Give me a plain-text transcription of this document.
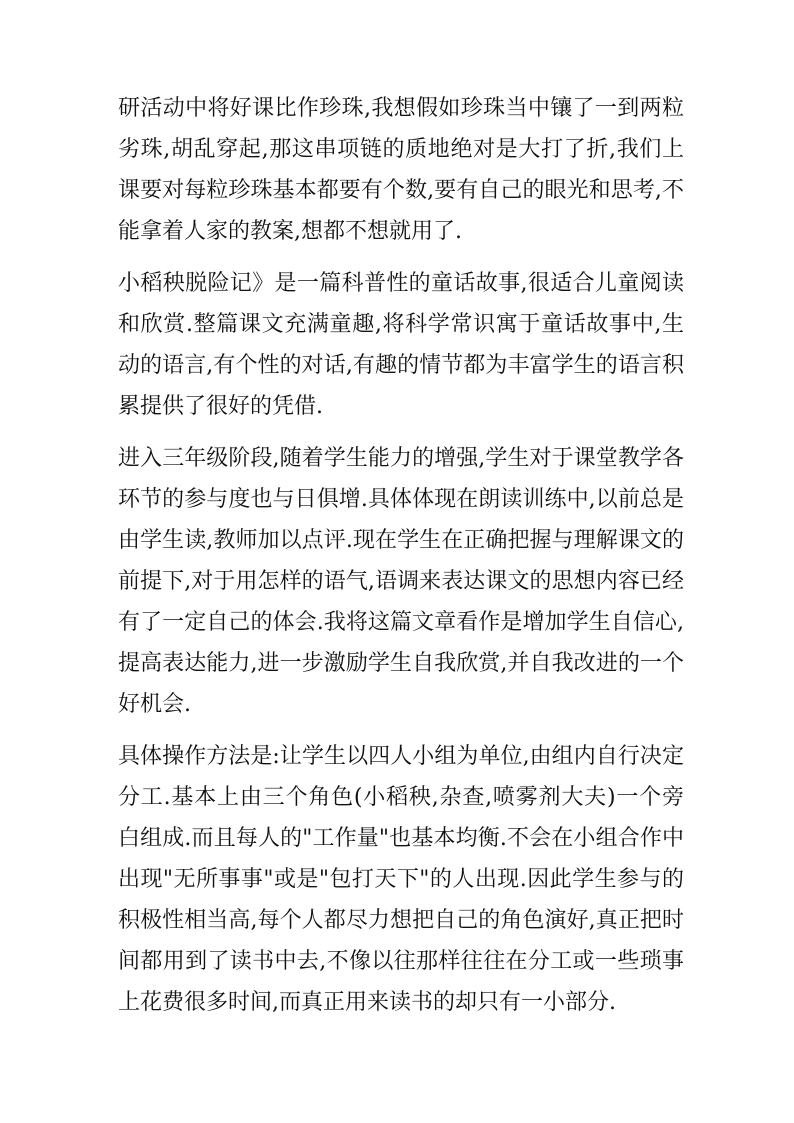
研活动中将好课比作珍珠,我想假如珍珠当中镶了一到两粒劣珠,胡乱穿起,那这串项链的质地绝对是大打了折,我们上课要对每粒珍珠基本都要有个数,要有自己的眼光和思考,不能拿着人家的教案,想都不想就用了.

小稻秧脱险记》是一篇科普性的童话故事,很适合儿童阅读和欣赏.整篇课文充满童趣,将科学常识寓于童话故事中,生动的语言,有个性的对话,有趣的情节都为丰富学生的语言积累提供了很好的凭借.

进入三年级阶段,随着学生能力的增强,学生对于课堂教学各环节的参与度也与日俱增.具体体现在朗读训练中,以前总是由学生读,教师加以点评.现在学生在正确把握与理解课文的前提下,对于用怎样的语气,语调来表达课文的思想内容已经有了一定自己的体会.我将这篇文章看作是增加学生自信心,提高表达能力,进一步激励学生自我欣赏,并自我改进的一个好机会.

具体操作方法是:让学生以四人小组为单位,由组内自行决定分工.基本上由三个角色(小稻秧,杂查,喷雾剂大夫)一个旁白组成.而且每人的"工作量"也基本均衡.不会在小组合作中出现"无所事事"或是"包打天下"的人出现.因此学生参与的积极性相当高,每个人都尽力想把自己的角色演好,真正把时间都用到了读书中去,不像以往那样往往在分工或一些琐事上花费很多时间,而真正用来读书的却只有一小部分.
